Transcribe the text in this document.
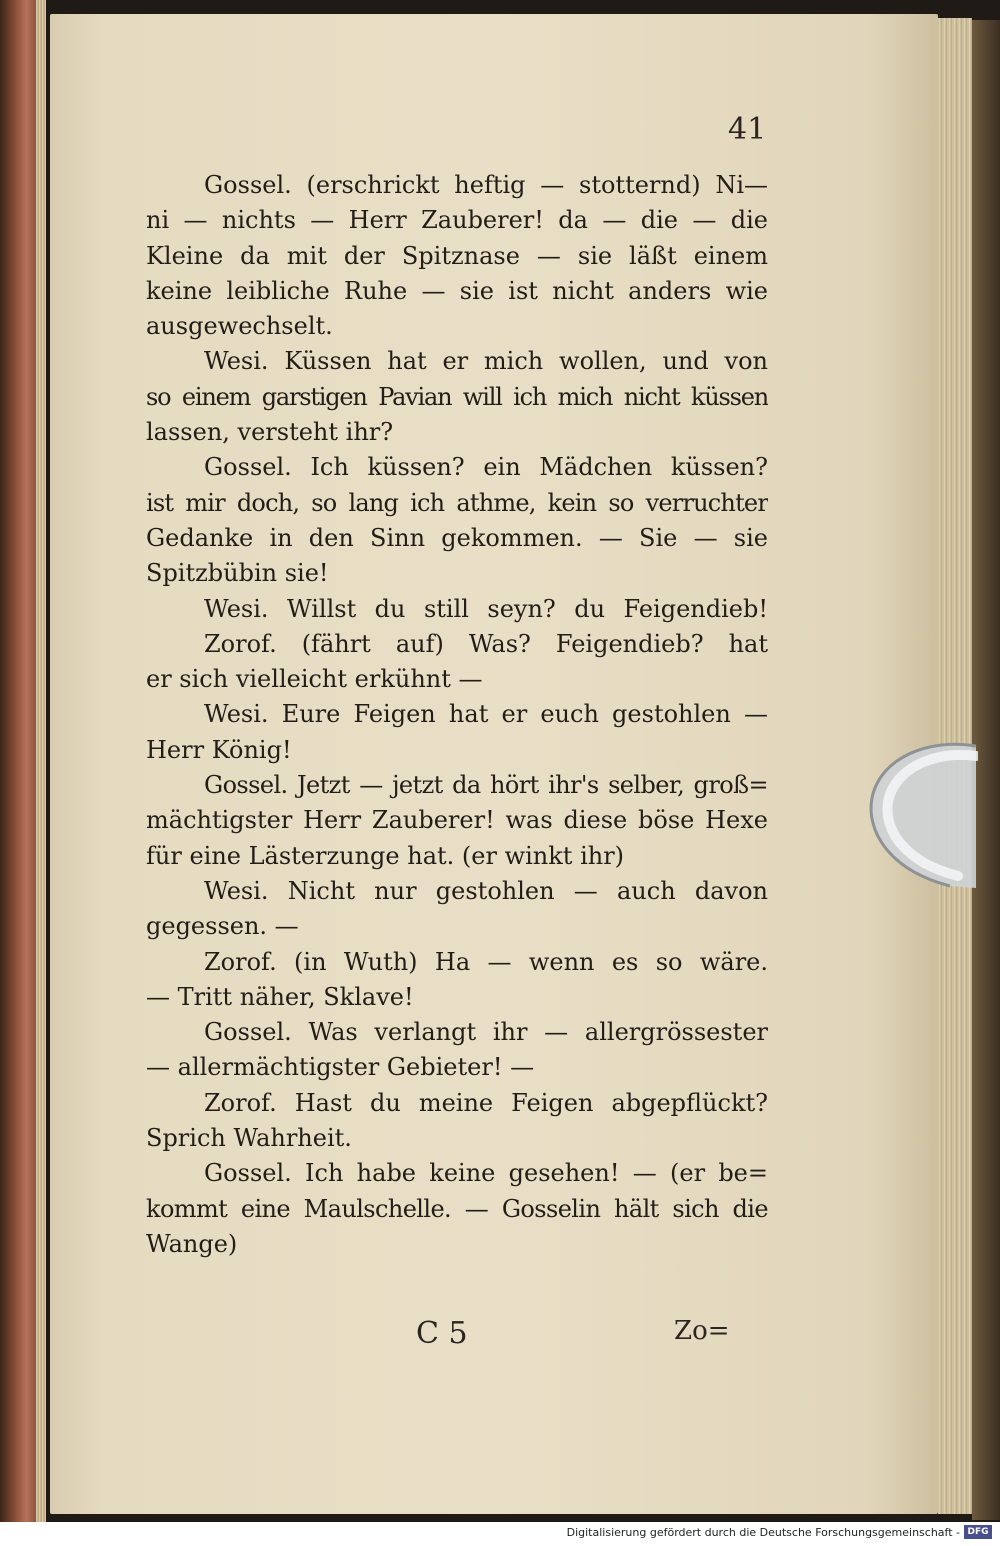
41
Gossel. (erschrickt heftig — stotternd) Ni—
ni — nichts — Herr Zauberer! da — die — die
Kleine da mit der Spitznase — sie läßt einem
keine leibliche Ruhe — sie ist nicht anders wie
ausgewechselt.
Wesi. Küssen hat er mich wollen, und von
so einem garstigen Pavian will ich mich nicht küssen
lassen, versteht ihr?
Gossel. Ich küssen? ein Mädchen küssen?
ist mir doch, so lang ich athme, kein so verruchter
Gedanke in den Sinn gekommen. — Sie — sie
Spitzbübin sie!
Wesi. Willst du still seyn? du Feigendieb!
Zorof. (fährt auf) Was? Feigendieb? hat
er sich vielleicht erkühnt —
Wesi. Eure Feigen hat er euch gestohlen —
Herr König!
Gossel. Jetzt — jetzt da hört ihr's selber, groß=
mächtigster Herr Zauberer! was diese böse Hexe
für eine Lästerzunge hat. (er winkt ihr)
Wesi. Nicht nur gestohlen — auch davon
gegessen. —
Zorof. (in Wuth) Ha — wenn es so wäre.
— Tritt näher, Sklave!
Gossel. Was verlangt ihr — allergrössester
— allermächtigster Gebieter! —
Zorof. Hast du meine Feigen abgepflückt?
Sprich Wahrheit.
Gossel. Ich habe keine gesehen! — (er be=
kommt eine Maulschelle. — Gosselin hält sich die
Wange)
C 5	Zo=
Digitalisierung gefördert durch die Deutsche Forschungsgemeinschaft - DFG
